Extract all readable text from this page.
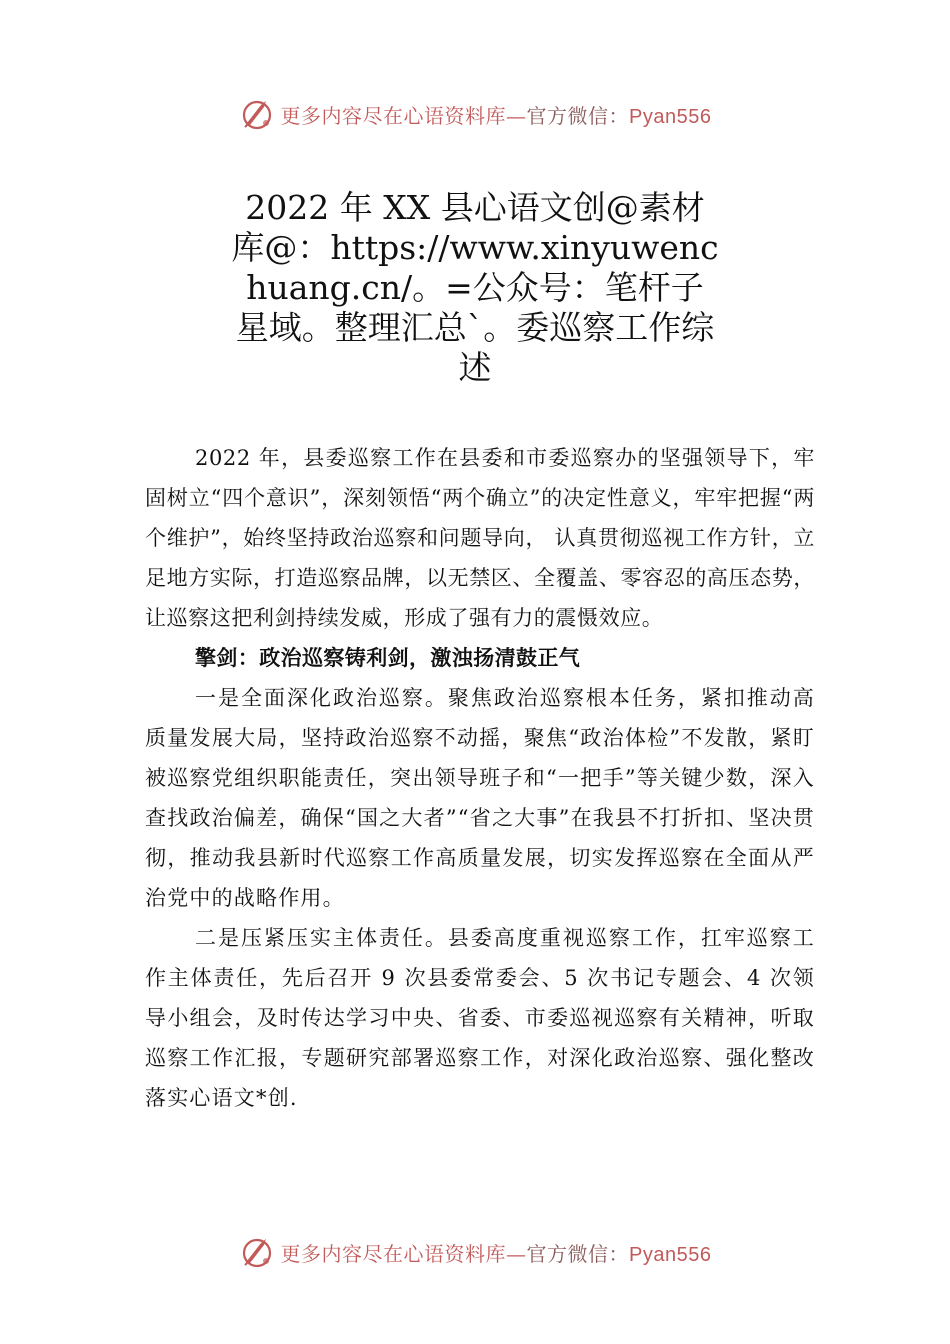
更多内容尽在心语资料库—官方微信：Pyan556
2022 年 XX 县心语文创@素材库@：https://www.xinyuwenchuang.cn/。=公众号：笔杆子星域。整理汇总`。委巡察工作综述

2022 年，县委巡察工作在县委和市委巡察办的坚强领导下，牢固树立“四个意识”，深刻领悟“两个确立”的决定性意义，牢牢把握“两个维护”，始终坚持政治巡察和问题导向， 认真贯彻巡视工作方针，立足地方实际，打造巡察品牌，以无禁区、全覆盖、零容忍的高压态势，让巡察这把利剑持续发威，形成了强有力的震慑效应。

擎剑：政治巡察铸利剑，激浊扬清鼓正气

一是全面深化政治巡察。聚焦政治巡察根本任务，紧扣推动高质量发展大局，坚持政治巡察不动摇，聚焦“政治体检”不发散，紧盯被巡察党组织职能责任，突出领导班子和“一把手”等关键少数，深入查找政治偏差，确保“国之大者”“省之大事”在我县不打折扣、坚决贯彻，推动我县新时代巡察工作高质量发展，切实发挥巡察在全面从严治党中的战略作用。

二是压紧压实主体责任。县委高度重视巡察工作，扛牢巡察工作主体责任，先后召开 9 次县委常委会、5 次书记专题会、4 次领导小组会，及时传达学习中央、省委、市委巡视巡察有关精神，听取巡察工作汇报，专题研究部署巡察工作，对深化政治巡察、强化整改落实心语文*创.

更多内容尽在心语资料库—官方微信：Pyan556
